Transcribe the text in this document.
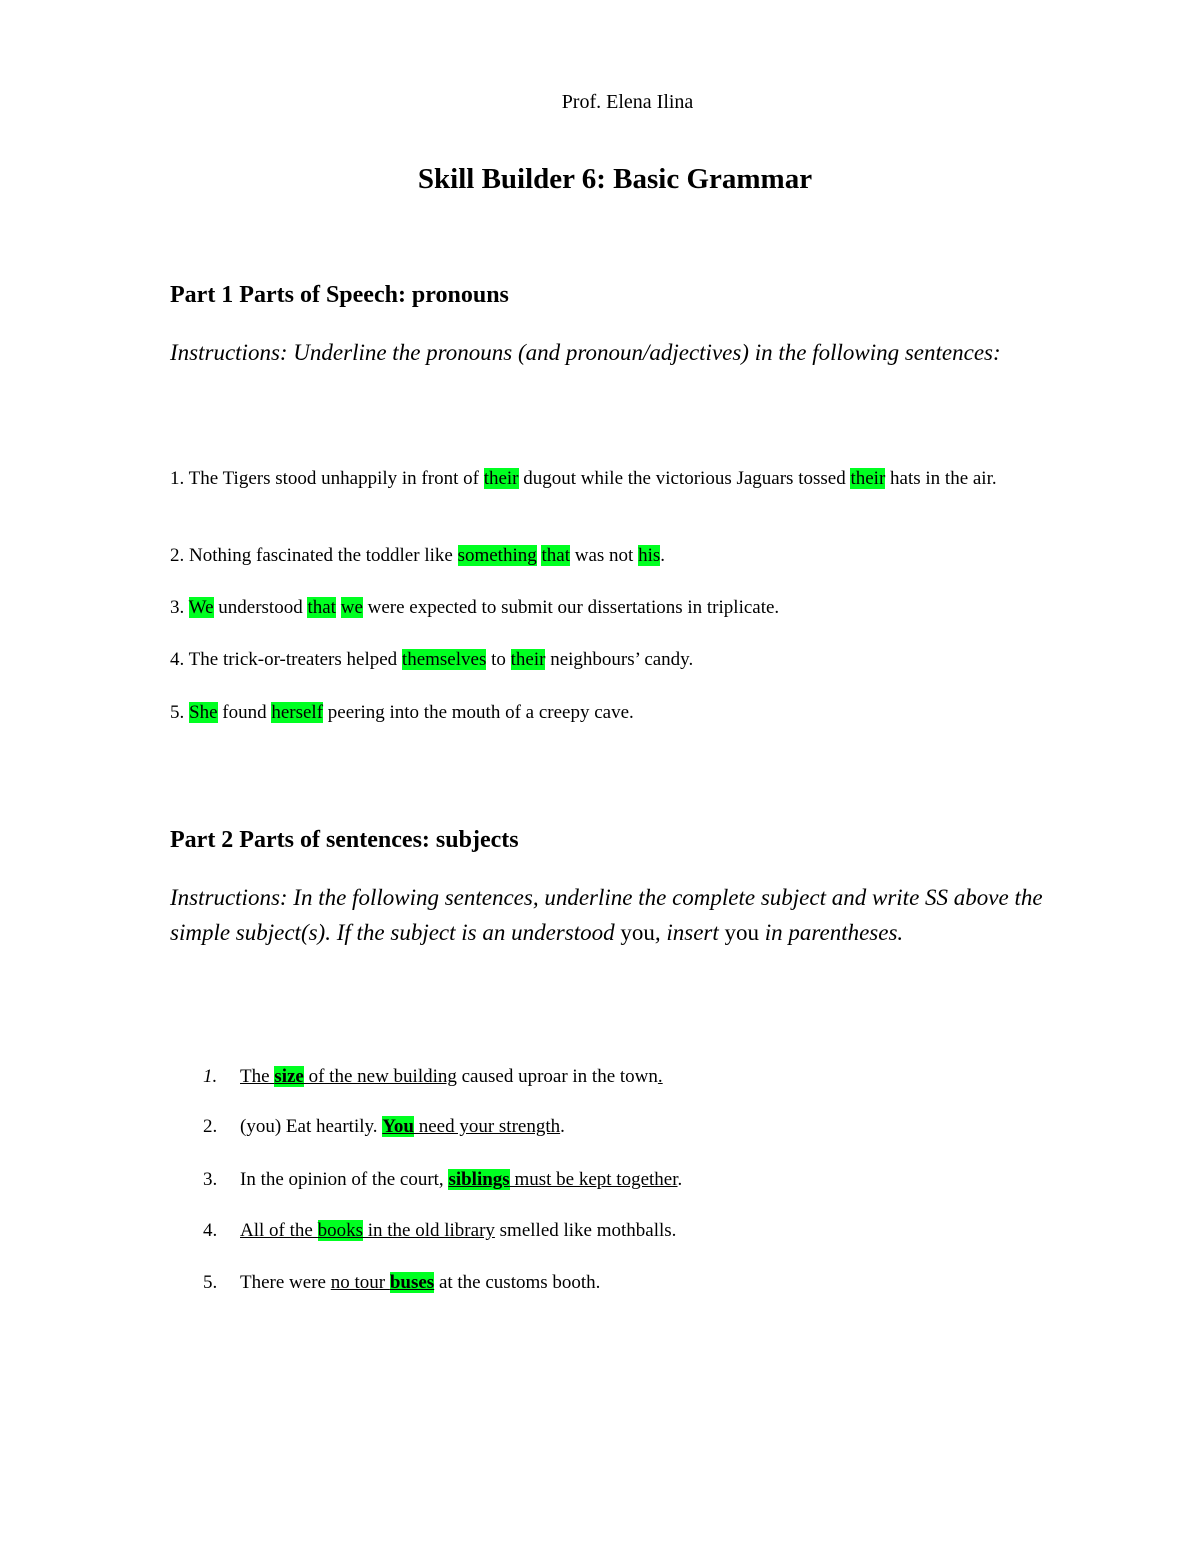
Prof. Elena Ilina
Skill Builder 6: Basic Grammar
Part 1 Parts of Speech: pronouns
Instructions: Underline the pronouns (and pronoun/adjectives) in the following sentences:
1. The Tigers stood unhappily in front of their dugout while the victorious Jaguars tossed their hats in the air.
2. Nothing fascinated the toddler like something that was not his.
3. We understood that we were expected to submit our dissertations in triplicate.
4. The trick-or-treaters helped themselves to their neighbours’ candy.
5. She found herself peering into the mouth of a creepy cave.
Part 2 Parts of sentences: subjects
Instructions: In the following sentences, underline the complete subject and write SS above the simple subject(s). If the subject is an understood you, insert you in parentheses.
1. The size of the new building caused uproar in the town.
2. (you) Eat heartily. You need your strength.
3. In the opinion of the court, siblings must be kept together.
4. All of the books in the old library smelled like mothballs.
5. There were no tour buses at the customs booth.
